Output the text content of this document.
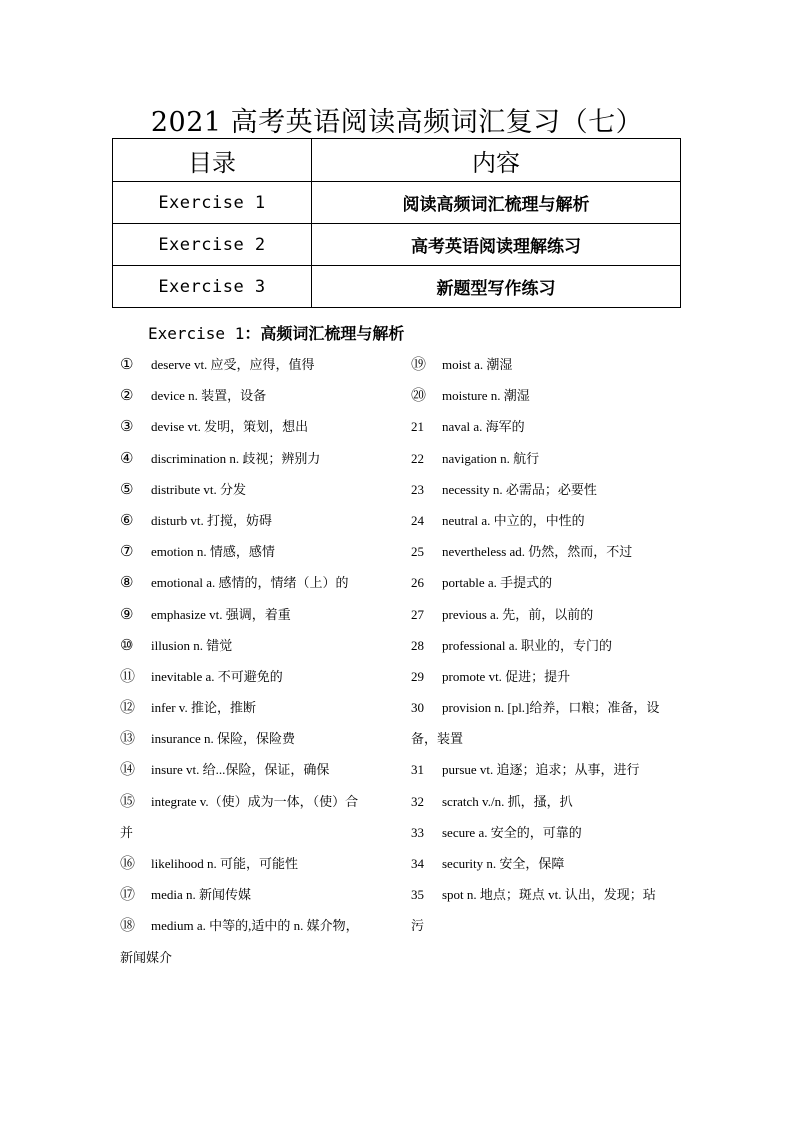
2021 高考英语阅读高频词汇复习（七）
目录	内容
Exercise 1	阅读高频词汇梳理与解析
Exercise 2	高考英语阅读理解练习
Exercise 3	新题型写作练习
Exercise 1：高频词汇梳理与解析
① deserve vt. 应受，应得，值得
② device n. 装置，设备
③ devise vt. 发明，策划，想出
④ discrimination n. 歧视；辨别力
⑤ distribute vt. 分发
⑥ disturb vt. 打搅，妨碍
⑦ emotion n. 情感，感情
⑧ emotional a. 感情的，情绪（上）的
⑨ emphasize vt. 强调，着重
⑩ illusion n. 错觉
⑪ inevitable a. 不可避免的
⑫ infer v. 推论，推断
⑬ insurance n. 保险，保险费
⑭ insure vt. 给...保险，保证，确保
⑮ integrate v.（使）成为一体，（使）合
并
⑯ likelihood n. 可能，可能性
⑰ media n. 新闻传媒
⑱ medium a. 中等的,适中的 n. 媒介物，
新闻媒介
⑲ moist a. 潮湿
⑳ moisture n. 潮湿
21 naval a. 海军的
22 navigation n. 航行
23 necessity n. 必需品；必要性
24 neutral a. 中立的，中性的
25 nevertheless ad. 仍然，然而，不过
26 portable a. 手提式的
27 previous a. 先，前，以前的
28 professional a. 职业的，专门的
29 promote vt. 促进；提升
30 provision n. [pl.]给养，口粮；准备，设
备，装置
31 pursue vt. 追逐；追求；从事，进行
32 scratch v./n. 抓，搔，扒
33 secure a. 安全的，可靠的
34 security n. 安全，保障
35 spot n. 地点；斑点 vt. 认出，发现；玷
污
